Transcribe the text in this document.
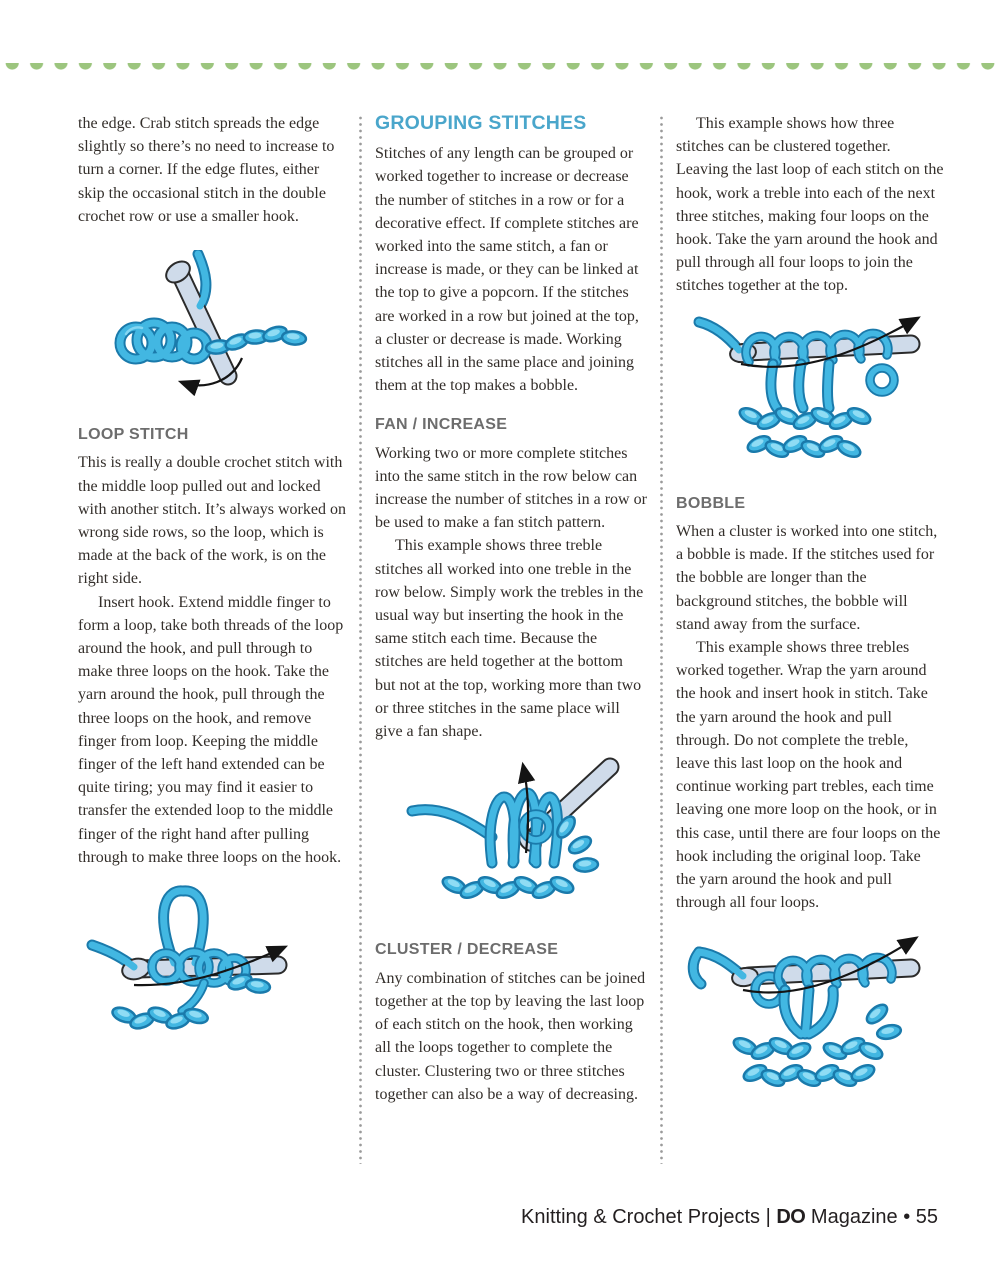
the edge. Crab stitch spreads the edge slightly so there’s no need to increase to turn a corner. If the edge flutes, either skip the occasional stitch in the double crochet row or use a smaller hook.

LOOP STITCH

This is really a double crochet stitch with the middle loop pulled out and locked with another stitch. It’s always worked on wrong side rows, so the loop, which is made at the back of the work, is on the right side.

Insert hook. Extend middle finger to form a loop, take both threads of the loop around the hook, and pull through to make three loops on the hook. Take the yarn around the hook, pull through the three loops on the hook, and remove finger from loop. Keeping the middle finger of the left hand extended can be quite tiring; you may find it easier to transfer the extended loop to the middle finger of the right hand after pulling through to make three loops on the hook.

GROUPING STITCHES

Stitches of any length can be grouped or worked together to increase or decrease the number of stitches in a row or for a decorative effect. If complete stitches are worked into the same stitch, a fan or increase is made, or they can be linked at the top to give a popcorn. If the stitches are worked in a row but joined at the top, a cluster or decrease is made. Working stitches all in the same place and joining them at the top makes a bobble.

FAN / INCREASE

Working two or more complete stitches into the same stitch in the row below can increase the number of stitches in a row or be used to make a fan stitch pattern.

This example shows three treble stitches all worked into one treble in the row below. Simply work the trebles in the usual way but inserting the hook in the same stitch each time. Because the stitches are held together at the bottom but not at the top, working more than two or three stitches in the same place will give a fan shape.

CLUSTER / DECREASE

Any combination of stitches can be joined together at the top by leaving the last loop of each stitch on the hook, then working all the loops together to complete the cluster. Clustering two or three stitches together can also be a way of decreasing.

This example shows how three stitches can be clustered together. Leaving the last loop of each stitch on the hook, work a treble into each of the next three stitches, making four loops on the hook. Take the yarn around the hook and pull through all four loops to join the stitches together at the top.

BOBBLE

When a cluster is worked into one stitch, a bobble is made. If the stitches used for the bobble are longer than the background stitches, the bobble will stand away from the surface.

This example shows three trebles worked together. Wrap the yarn around the hook and insert hook in stitch. Take the yarn around the hook and pull through. Do not complete the treble, leave this last loop on the hook and continue working part trebles, each time leaving one more loop on the hook, or in this case, until there are four loops on the hook including the original loop. Take the yarn around the hook and pull through all four loops.

Knitting & Crochet Projects | DO Magazine • 55
